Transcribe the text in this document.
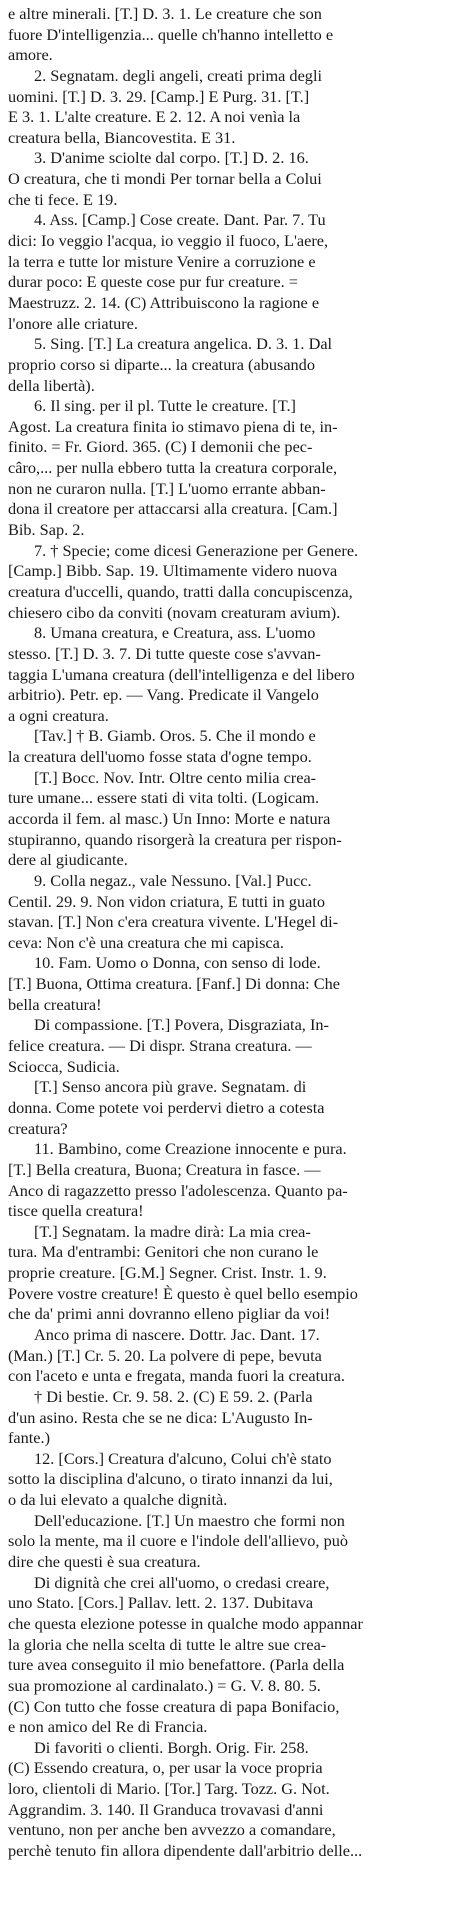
e altre minerali. [T.] D. 3. 1. Le creature che son
fuore D'intelligenzia... quelle ch'hanno intelletto e
amore.
2. Segnatam. degli angeli, creati prima degli
uomini. [T.] D. 3. 29. [Camp.] E Purg. 31. [T.]
E 3. 1. L'alte creature. E 2. 12. A noi venìa la
creatura bella, Biancovestita. E 31.
3. D'anime sciolte dal corpo. [T.] D. 2. 16.
O creatura, che ti mondi Per tornar bella a Colui
che ti fece. E 19.
4. Ass. [Camp.] Cose create. Dant. Par. 7. Tu
dici: Io veggio l'acqua, io veggio il fuoco, L'aere,
la terra e tutte lor misture Venire a corruzione e
durar poco: E queste cose pur fur creature. =
Maestruzz. 2. 14. (C) Attribuiscono la ragione e
l'onore alle criature.
5. Sing. [T.] La creatura angelica. D. 3. 1. Dal
proprio corso si diparte... la creatura (abusando
della libertà).
6. Il sing. per il pl. Tutte le creature. [T.]
Agost. La creatura finita io stimavo piena di te, in-
finito. = Fr. Giord. 365. (C) I demonii che pec-
câro,... per nulla ebbero tutta la creatura corporale,
non ne curaron nulla. [T.] L'uomo errante abban-
dona il creatore per attaccarsi alla creatura. [Cam.]
Bib. Sap. 2.
7. † Specie; come dicesi Generazione per Genere.
[Camp.] Bibb. Sap. 19. Ultimamente videro nuova
creatura d'uccelli, quando, tratti dalla concupiscenza,
chiesero cibo da conviti (novam creaturam avium).
8. Umana creatura, e Creatura, ass. L'uomo
stesso. [T.] D. 3. 7. Di tutte queste cose s'avvan-
taggia L'umana creatura (dell'intelligenza e del libero
arbitrio). Petr. ep. — Vang. Predicate il Vangelo
a ogni creatura.
[Tav.] † B. Giamb. Oros. 5. Che il mondo e
la creatura dell'uomo fosse stata d'ogne tempo.
[T.] Bocc. Nov. Intr. Oltre cento milia crea-
ture umane... essere stati di vita tolti. (Logicam.
accorda il fem. al masc.) Un Inno: Morte e natura
stupiranno, quando risorgerà la creatura per rispon-
dere al giudicante.
9. Colla negaz., vale Nessuno. [Val.] Pucc.
Centil. 29. 9. Non vidon criatura, E tutti in guato
stavan. [T.] Non c'era creatura vivente. L'Hegel di-
ceva: Non c'è una creatura che mi capisca.
10. Fam. Uomo o Donna, con senso di lode.
[T.] Buona, Ottima creatura. [Fanf.] Di donna: Che
bella creatura!
Di compassione. [T.] Povera, Disgraziata, In-
felice creatura. — Di dispr. Strana creatura. —
Sciocca, Sudicia.
[T.] Senso ancora più grave. Segnatam. di
donna. Come potete voi perdervi dietro a cotesta
creatura?
11. Bambino, come Creazione innocente e pura.
[T.] Bella creatura, Buona; Creatura in fasce. —
Anco di ragazzetto presso l'adolescenza. Quanto pa-
tisce quella creatura!
[T.] Segnatam. la madre dirà: La mia crea-
tura. Ma d'entrambi: Genitori che non curano le
proprie creature. [G.M.] Segner. Crist. Instr. 1. 9.
Povere vostre creature! È questo è quel bello esempio
che da' primi anni dovranno elleno pigliar da voi!
Anco prima di nascere. Dottr. Jac. Dant. 17.
(Man.) [T.] Cr. 5. 20. La polvere di pepe, bevuta
con l'aceto e unta e fregata, manda fuori la creatura.
† Di bestie. Cr. 9. 58. 2. (C) E 59. 2. (Parla
d'un asino. Resta che se ne dica: L'Augusto In-
fante.)
12. [Cors.] Creatura d'alcuno, Colui ch'è stato
sotto la disciplina d'alcuno, o tirato innanzi da lui,
o da lui elevato a qualche dignità.
Dell'educazione. [T.] Un maestro che formi non
solo la mente, ma il cuore e l'indole dell'allievo, può
dire che questi è sua creatura.
Di dignità che crei all'uomo, o credasi creare,
uno Stato. [Cors.] Pallav. lett. 2. 137. Dubitava
che questa elezione potesse in qualche modo appannar
la gloria che nella scelta di tutte le altre sue crea-
ture avea conseguito il mio benefattore. (Parla della
sua promozione al cardinalato.) = G. V. 8. 80. 5.
(C) Con tutto che fosse creatura di papa Bonifacio,
e non amico del Re di Francia.
Di favoriti o clienti. Borgh. Orig. Fir. 258.
(C) Essendo creatura, o, per usar la voce propria
loro, clientoli di Mario. [Tor.] Targ. Tozz. G. Not.
Aggrandim. 3. 140. Il Granduca trovavasi d'anni
ventuno, non per anche ben avvezzo a comandare,
perchè tenuto fin allora dipendente dall'arbitrio delle...
